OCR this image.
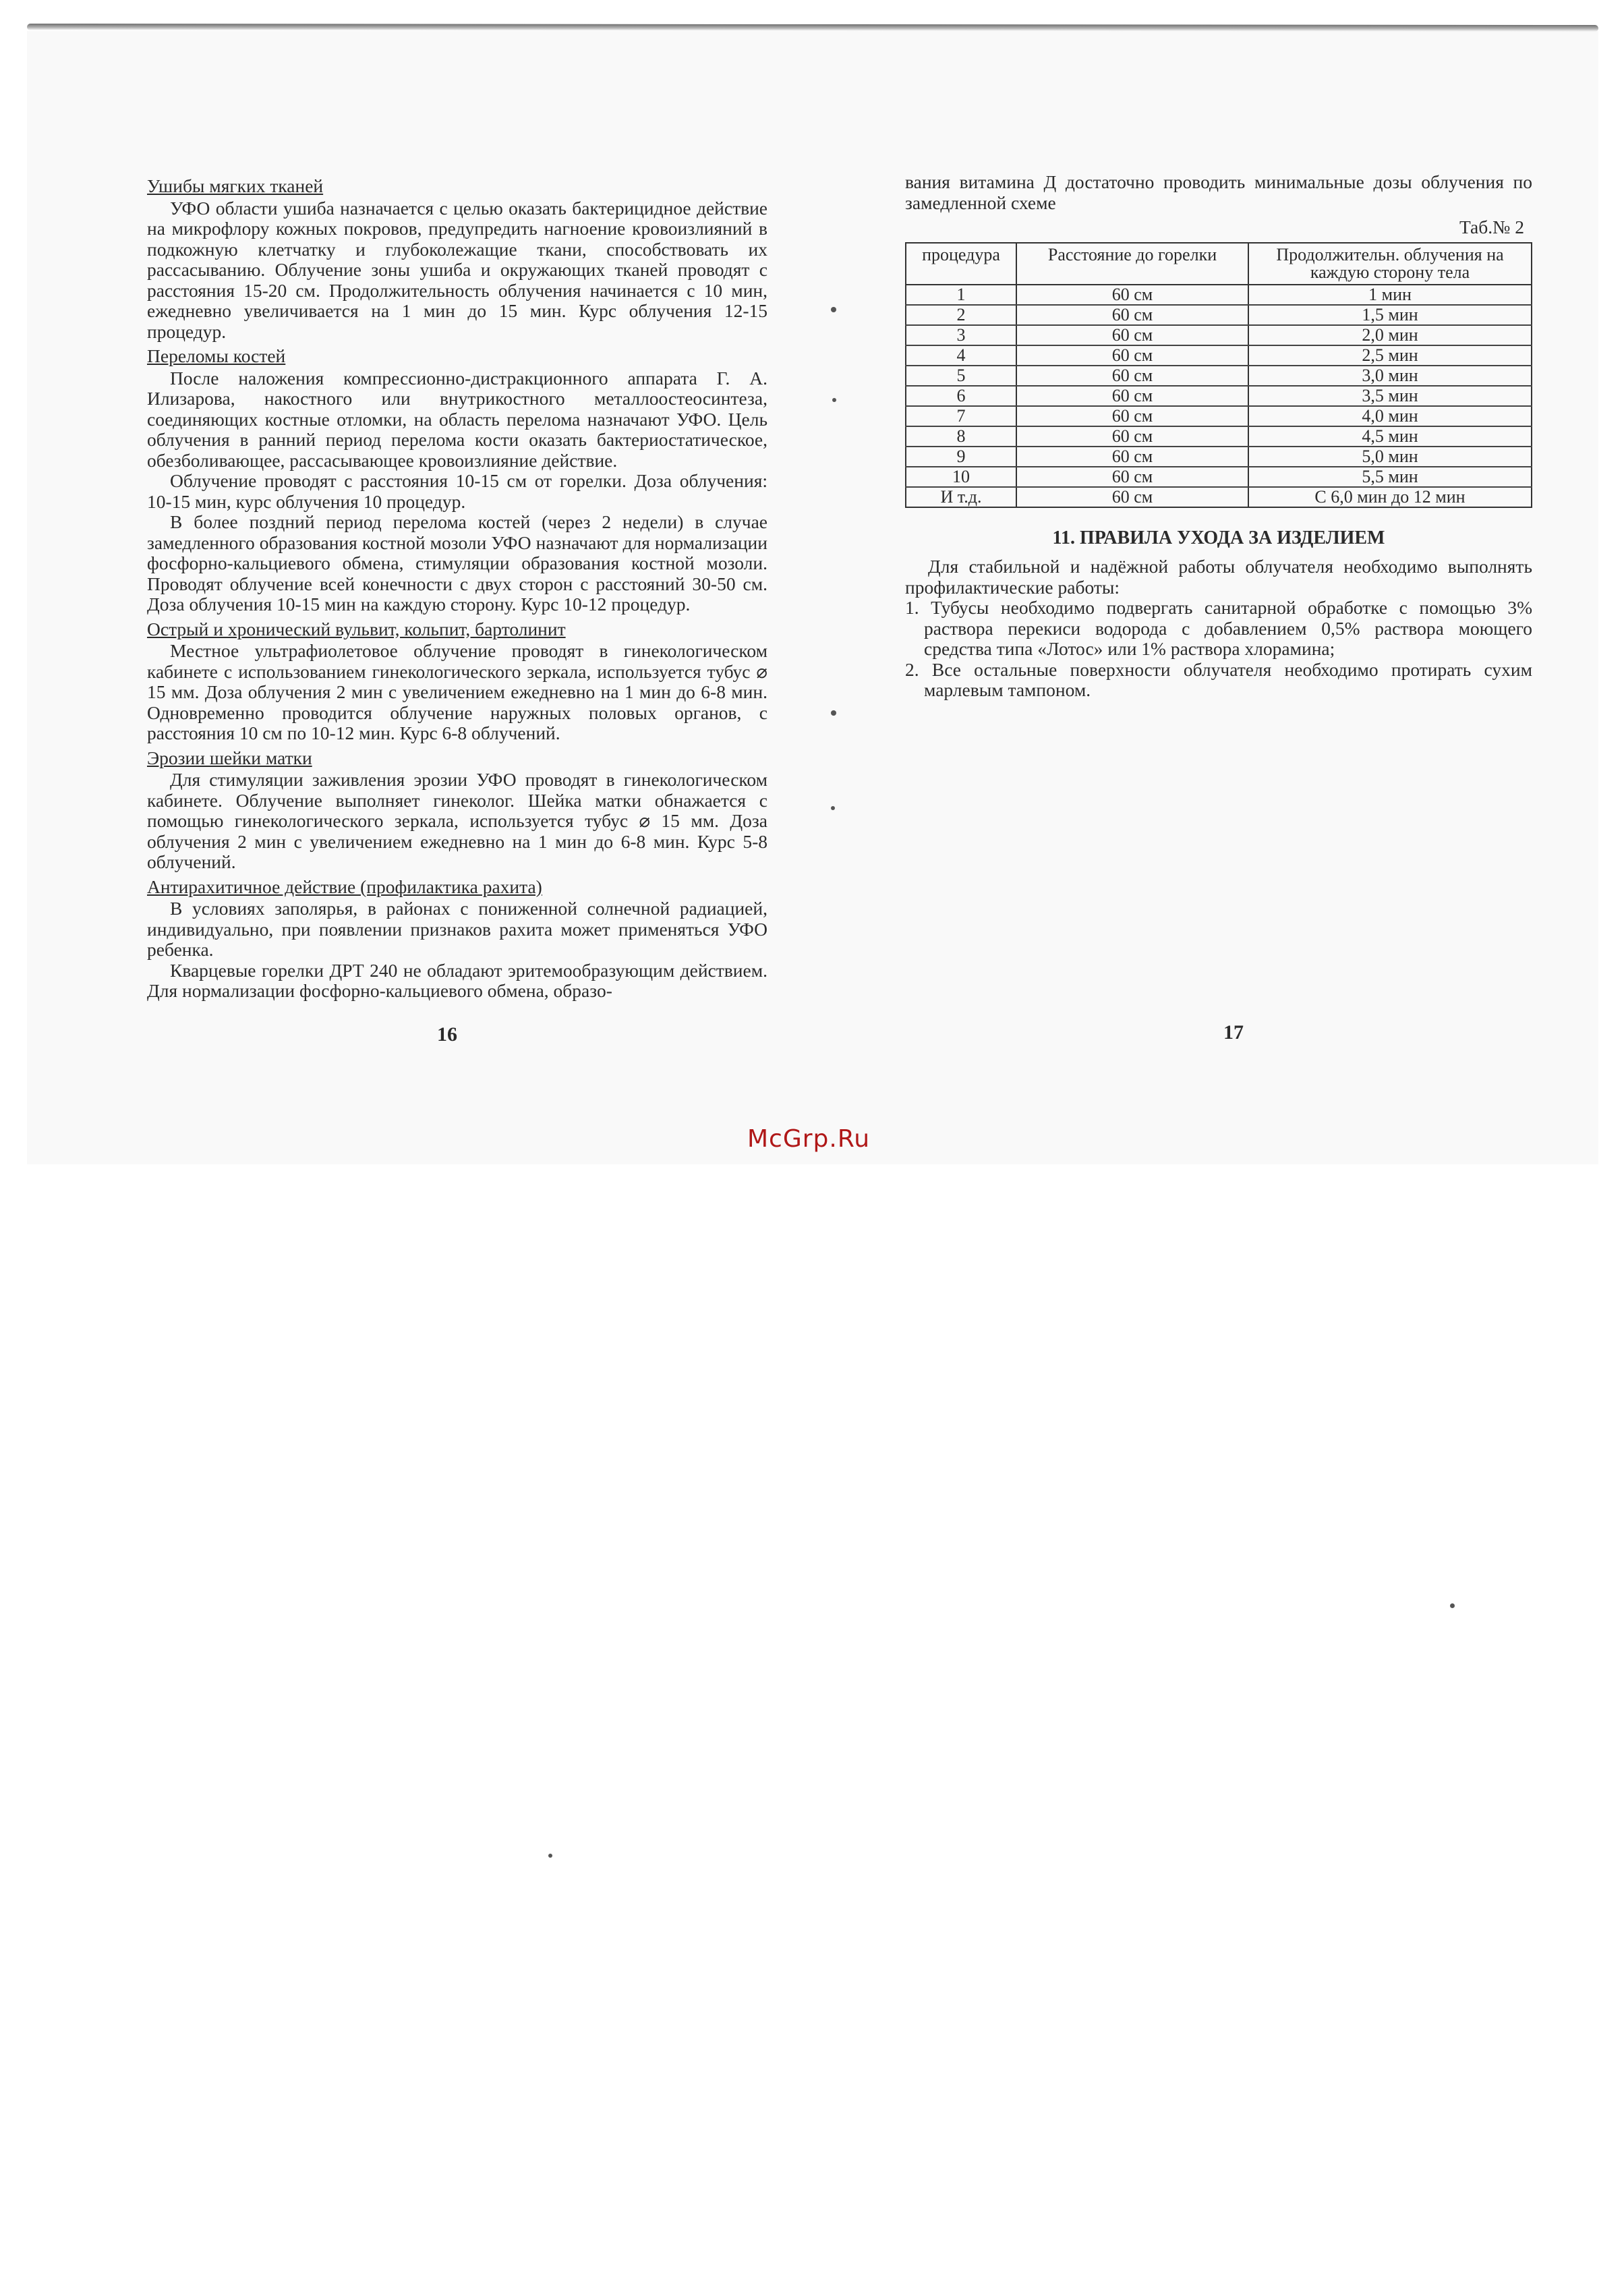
Ушибы мягких тканей

УФО области ушиба назначается с целью оказать бактерицидное действие на микрофлору кожных покровов, предупредить нагноение кровоизлияний в подкожную клетчатку и глубоколежащие ткани, способствовать их рассасыванию. Облучение зоны ушиба и окружающих тканей проводят с расстояния 15-20 см. Продолжительность облучения начинается с 10 мин, ежедневно увеличивается на 1 мин до 15 мин. Курс облучения 12-15 процедур.

Переломы костей

После наложения компрессионно-дистракционного аппарата Г. А. Илизарова, накостного или внутрикостного металлоостеосинтеза, соединяющих костные отломки, на область перелома назначают УФО. Цель облучения в ранний период перелома кости оказать бактериостатическое, обезболивающее, рассасывающее кровоизлияние действие.

Облучение проводят с расстояния 10-15 см от горелки. Доза облучения: 10-15 мин, курс облучения 10 процедур.

В более поздний период перелома костей (через 2 недели) в случае замедленного образования костной мозоли УФО назначают для нормализации фосфорно-кальциевого обмена, стимуляции образования костной мозоли. Проводят облучение всей конечности с двух сторон с расстояний 30-50 см. Доза облучения 10-15 мин на каждую сторону. Курс 10-12 процедур.

Острый и хронический вульвит, кольпит, бартолинит

Местное ультрафиолетовое облучение проводят в гинекологическом кабинете с использованием гинекологического зеркала, используется тубус ⌀ 15 мм. Доза облучения 2 мин с увеличением ежедневно на 1 мин до 6-8 мин. Одновременно проводится облучение наружных половых органов, с расстояния 10 см по 10-12 мин. Курс 6-8 облучений.

Эрозии шейки матки

Для стимуляции заживления эрозии УФО проводят в гинекологическом кабинете. Облучение выполняет гинеколог. Шейка матки обнажается с помощью гинекологического зеркала, используется тубус ⌀ 15 мм. Доза облучения 2 мин с увеличением ежедневно на 1 мин до 6-8 мин. Курс 5-8 облучений.

Антирахитичное действие (профилактика рахита)

В условиях заполярья, в районах с пониженной солнечной радиацией, индивидуально, при появлении признаков рахита может применяться УФО ребенка.

Кварцевые горелки ДРТ 240 не обладают эритемообразующим действием. Для нормализации фосфорно-кальциевого обмена, образо-

16

вания витамина Д достаточно проводить минимальные дозы облучения по замедленной схеме

Таб.№ 2
процедура	Расстояние до горелки	Продолжительн. облучения на каждую сторону тела
1	60 см	1 мин
2	60 см	1,5 мин
3	60 см	2,0 мин
4	60 см	2,5 мин
5	60 см	3,0 мин
6	60 см	3,5 мин
7	60 см	4,0 мин
8	60 см	4,5 мин
9	60 см	5,0 мин
10	60 см	5,5 мин
И т.д.	60 см	С 6,0 мин до 12 мин
11. ПРАВИЛА УХОДА ЗА ИЗДЕЛИЕМ

Для стабильной и надёжной работы облучателя необходимо выполнять профилактические работы:

1. Тубусы необходимо подвергать санитарной обработке с помощью 3% раствора перекиси водорода с добавлением 0,5% раствора моющего средства типа «Лотос» или 1% раствора хлорамина;
2. Все остальные поверхности облучателя необходимо протирать сухим марлевым тампоном.
17
McGrp.Ru
